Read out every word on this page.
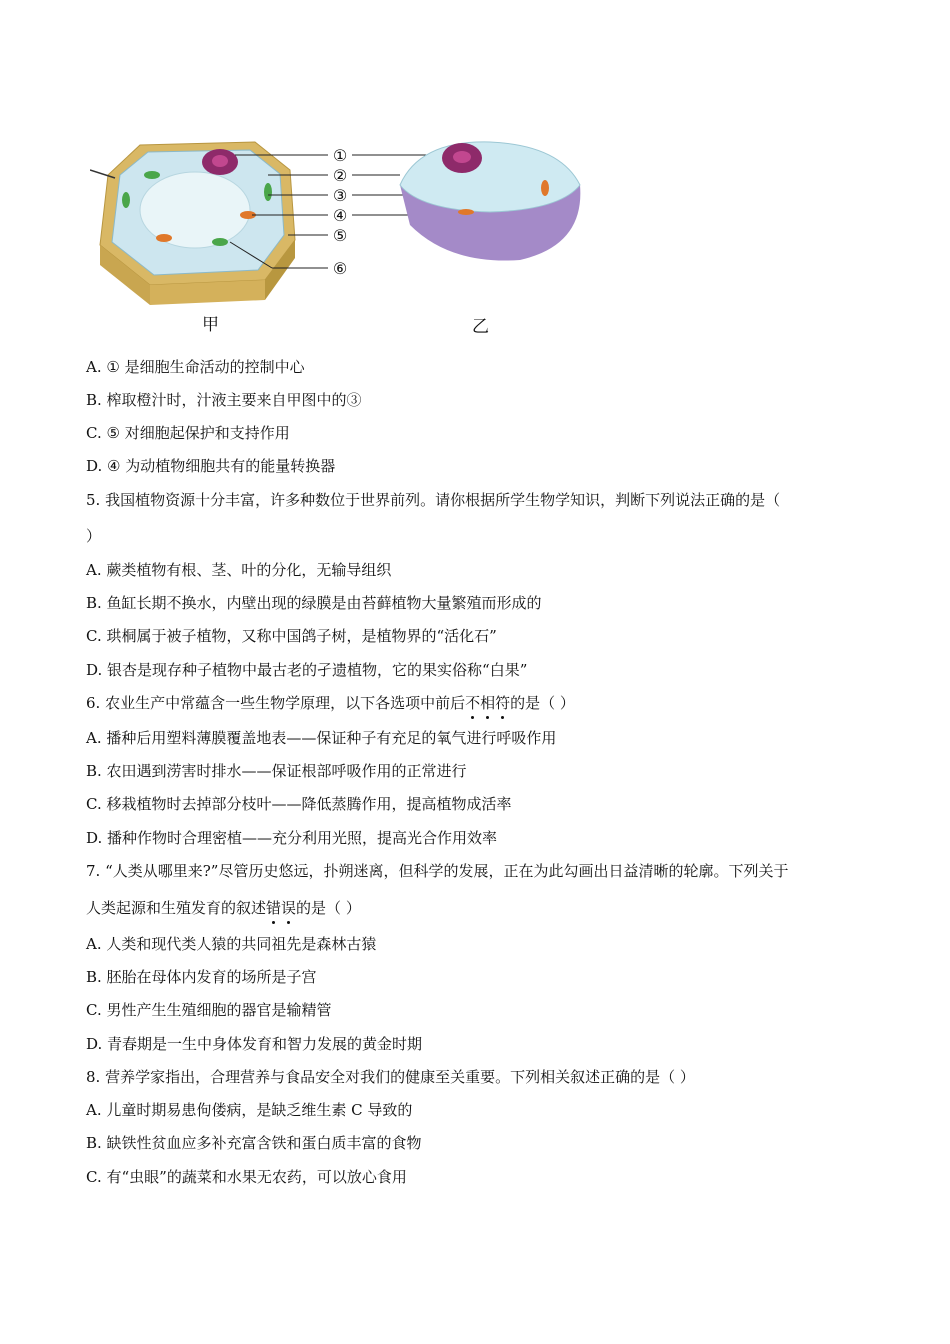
①
②
③
④
⑤
⑥
甲	乙
A. ① 是细胞生命活动的控制中心
B. 榨取橙汁时，汁液主要来自甲图中的③
C. ⑤ 对细胞起保护和支持作用
D. ④ 为动植物细胞共有的能量转换器
5. 我国植物资源十分丰富，许多种数位于世界前列。请你根据所学生物学知识，判断下列说法正确的是（
）
A. 蕨类植物有根、茎、叶的分化，无输导组织
B. 鱼缸长期不换水，内壁出现的绿膜是由苔藓植物大量繁殖而形成的
C. 珙桐属于被子植物，又称中国鸽子树，是植物界的“活化石”
D. 银杏是现存种子植物中最古老的孑遗植物，它的果实俗称“白果”
6. 农业生产中常蕴含一些生物学原理，以下各选项中前后不相符的是（ ）
A. 播种后用塑料薄膜覆盖地表——保证种子有充足的氧气进行呼吸作用
B. 农田遇到涝害时排水——保证根部呼吸作用的正常进行
C. 移栽植物时去掉部分枝叶——降低蒸腾作用，提高植物成活率
D. 播种作物时合理密植——充分利用光照，提高光合作用效率
7. “人类从哪里来?”尽管历史悠远，扑朔迷离，但科学的发展，正在为此勾画出日益清晰的轮廓。下列关于
人类起源和生殖发育的叙述错误的是（ ）
A. 人类和现代类人猿的共同祖先是森林古猿
B. 胚胎在母体内发育的场所是子宫
C. 男性产生生殖细胞的器官是输精管
D. 青春期是一生中身体发育和智力发展的黄金时期
8. 营养学家指出，合理营养与食品安全对我们的健康至关重要。下列相关叙述正确的是（ ）
A. 儿童时期易患佝偻病，是缺乏维生素 C 导致的
B. 缺铁性贫血应多补充富含铁和蛋白质丰富的食物
C. 有“虫眼”的蔬菜和水果无农药，可以放心食用
